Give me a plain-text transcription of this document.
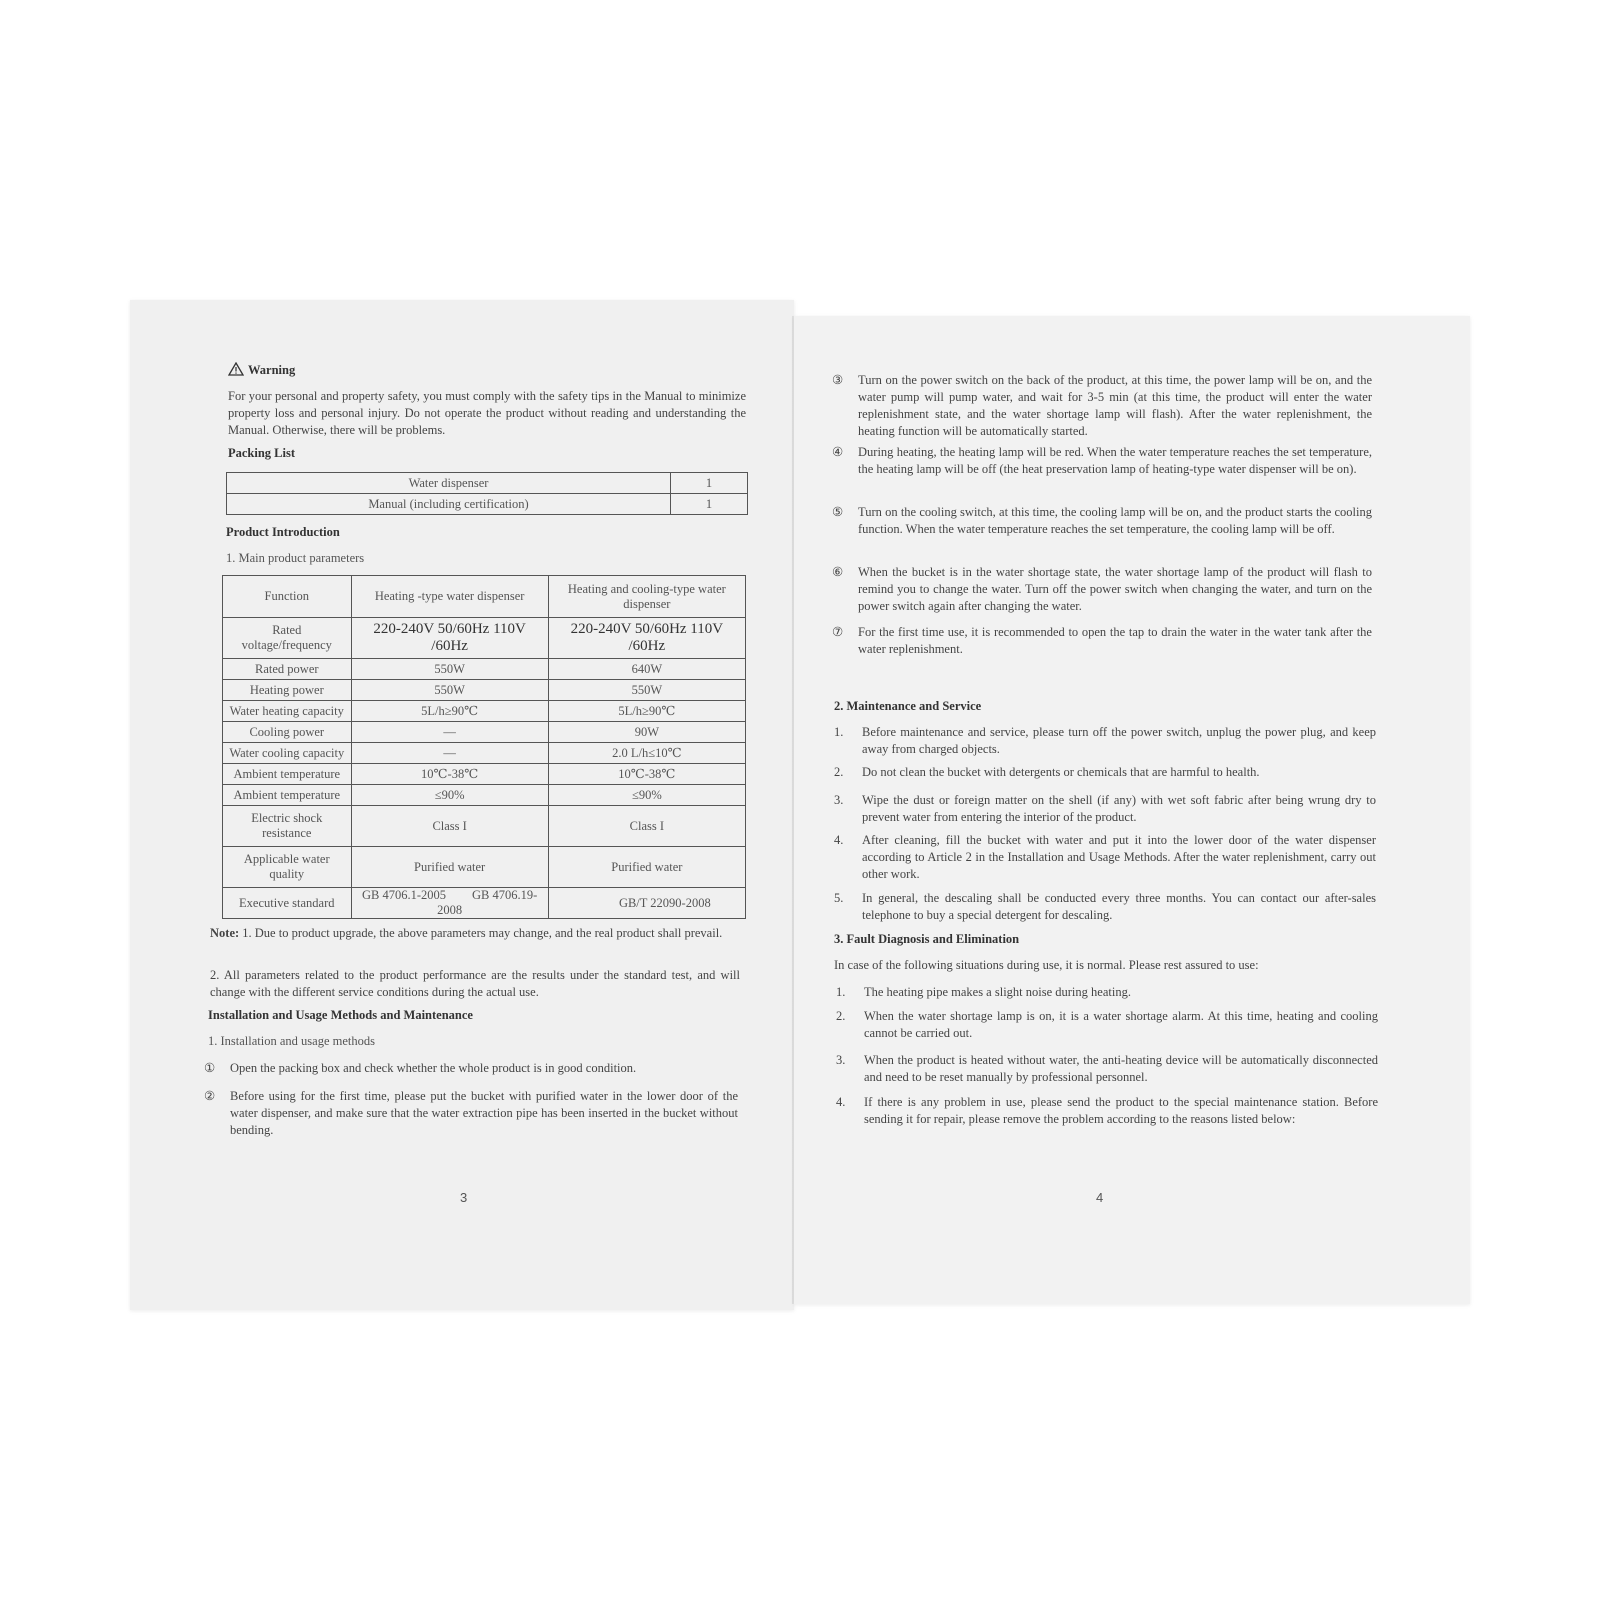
Warning
For your personal and property safety, you must comply with the safety tips in the Manual to minimize property loss and personal injury. Do not operate the product without reading and understanding the Manual. Otherwise, there will be problems.
Packing List
Water dispenser	1
Manual (including certification)	1
Product Introduction
1. Main product parameters
Function	Heating -type water dispenser	Heating and cooling-type water dispenser
Rated voltage/frequency	220-240V 50/60Hz 110V /60Hz	220-240V 50/60Hz 110V /60Hz
Rated power	550W	640W
Heating power	550W	550W
Water heating capacity	5L/h≥90℃	5L/h≥90℃
Cooling power	—	90W
Water cooling capacity	—	2.0 L/h≤10℃
Ambient temperature	10℃-38℃	10℃-38℃
Ambient temperature	≤90%	≤90%
Electric shock resistance	Class I	Class I
Applicable water quality	Purified water	Purified water
Executive standard	GB 4706.1-2005 GB 4706.19-2008	GB/T 22090-2008
Note: 1. Due to product upgrade, the above parameters may change, and the real product shall prevail.
2. All parameters related to the product performance are the results under the standard test, and will change with the different service conditions during the actual use.
Installation and Usage Methods and Maintenance
1. Installation and usage methods
①	Open the packing box and check whether the whole product is in good condition.
②	Before using for the first time, please put the bucket with purified water in the lower door of the water dispenser, and make sure that the water extraction pipe has been inserted in the bucket without bending.
3
③	Turn on the power switch on the back of the product, at this time, the power lamp will be on, and the water pump will pump water, and wait for 3-5 min (at this time, the product will enter the water replenishment state, and the water shortage lamp will flash). After the water replenishment, the heating function will be automatically started.
④	During heating, the heating lamp will be red. When the water temperature reaches the set temperature, the heating lamp will be off (the heat preservation lamp of heating-type water dispenser will be on).
⑤	Turn on the cooling switch, at this time, the cooling lamp will be on, and the product starts the cooling function. When the water temperature reaches the set temperature, the cooling lamp will be off.
⑥	When the bucket is in the water shortage state, the water shortage lamp of the product will flash to remind you to change the water. Turn off the power switch when changing the water, and turn on the power switch again after changing the water.
⑦	For the first time use, it is recommended to open the tap to drain the water in the water tank after the water replenishment.
2. Maintenance and Service
1.	Before maintenance and service, please turn off the power switch, unplug the power plug, and keep away from charged objects.
2.	Do not clean the bucket with detergents or chemicals that are harmful to health.
3.	Wipe the dust or foreign matter on the shell (if any) with wet soft fabric after being wrung dry to prevent water from entering the interior of the product.
4.	After cleaning, fill the bucket with water and put it into the lower door of the water dispenser according to Article 2 in the Installation and Usage Methods. After the water replenishment, carry out other work.
5.	In general, the descaling shall be conducted every three months. You can contact our after-sales telephone to buy a special detergent for descaling.
3. Fault Diagnosis and Elimination
In case of the following situations during use, it is normal. Please rest assured to use:
1.	The heating pipe makes a slight noise during heating.
2.	When the water shortage lamp is on, it is a water shortage alarm. At this time, heating and cooling cannot be carried out.
3.	When the product is heated without water, the anti-heating device will be automatically disconnected and need to be reset manually by professional personnel.
4.	If there is any problem in use, please send the product to the special maintenance station. Before sending it for repair, please remove the problem according to the reasons listed below:
4
